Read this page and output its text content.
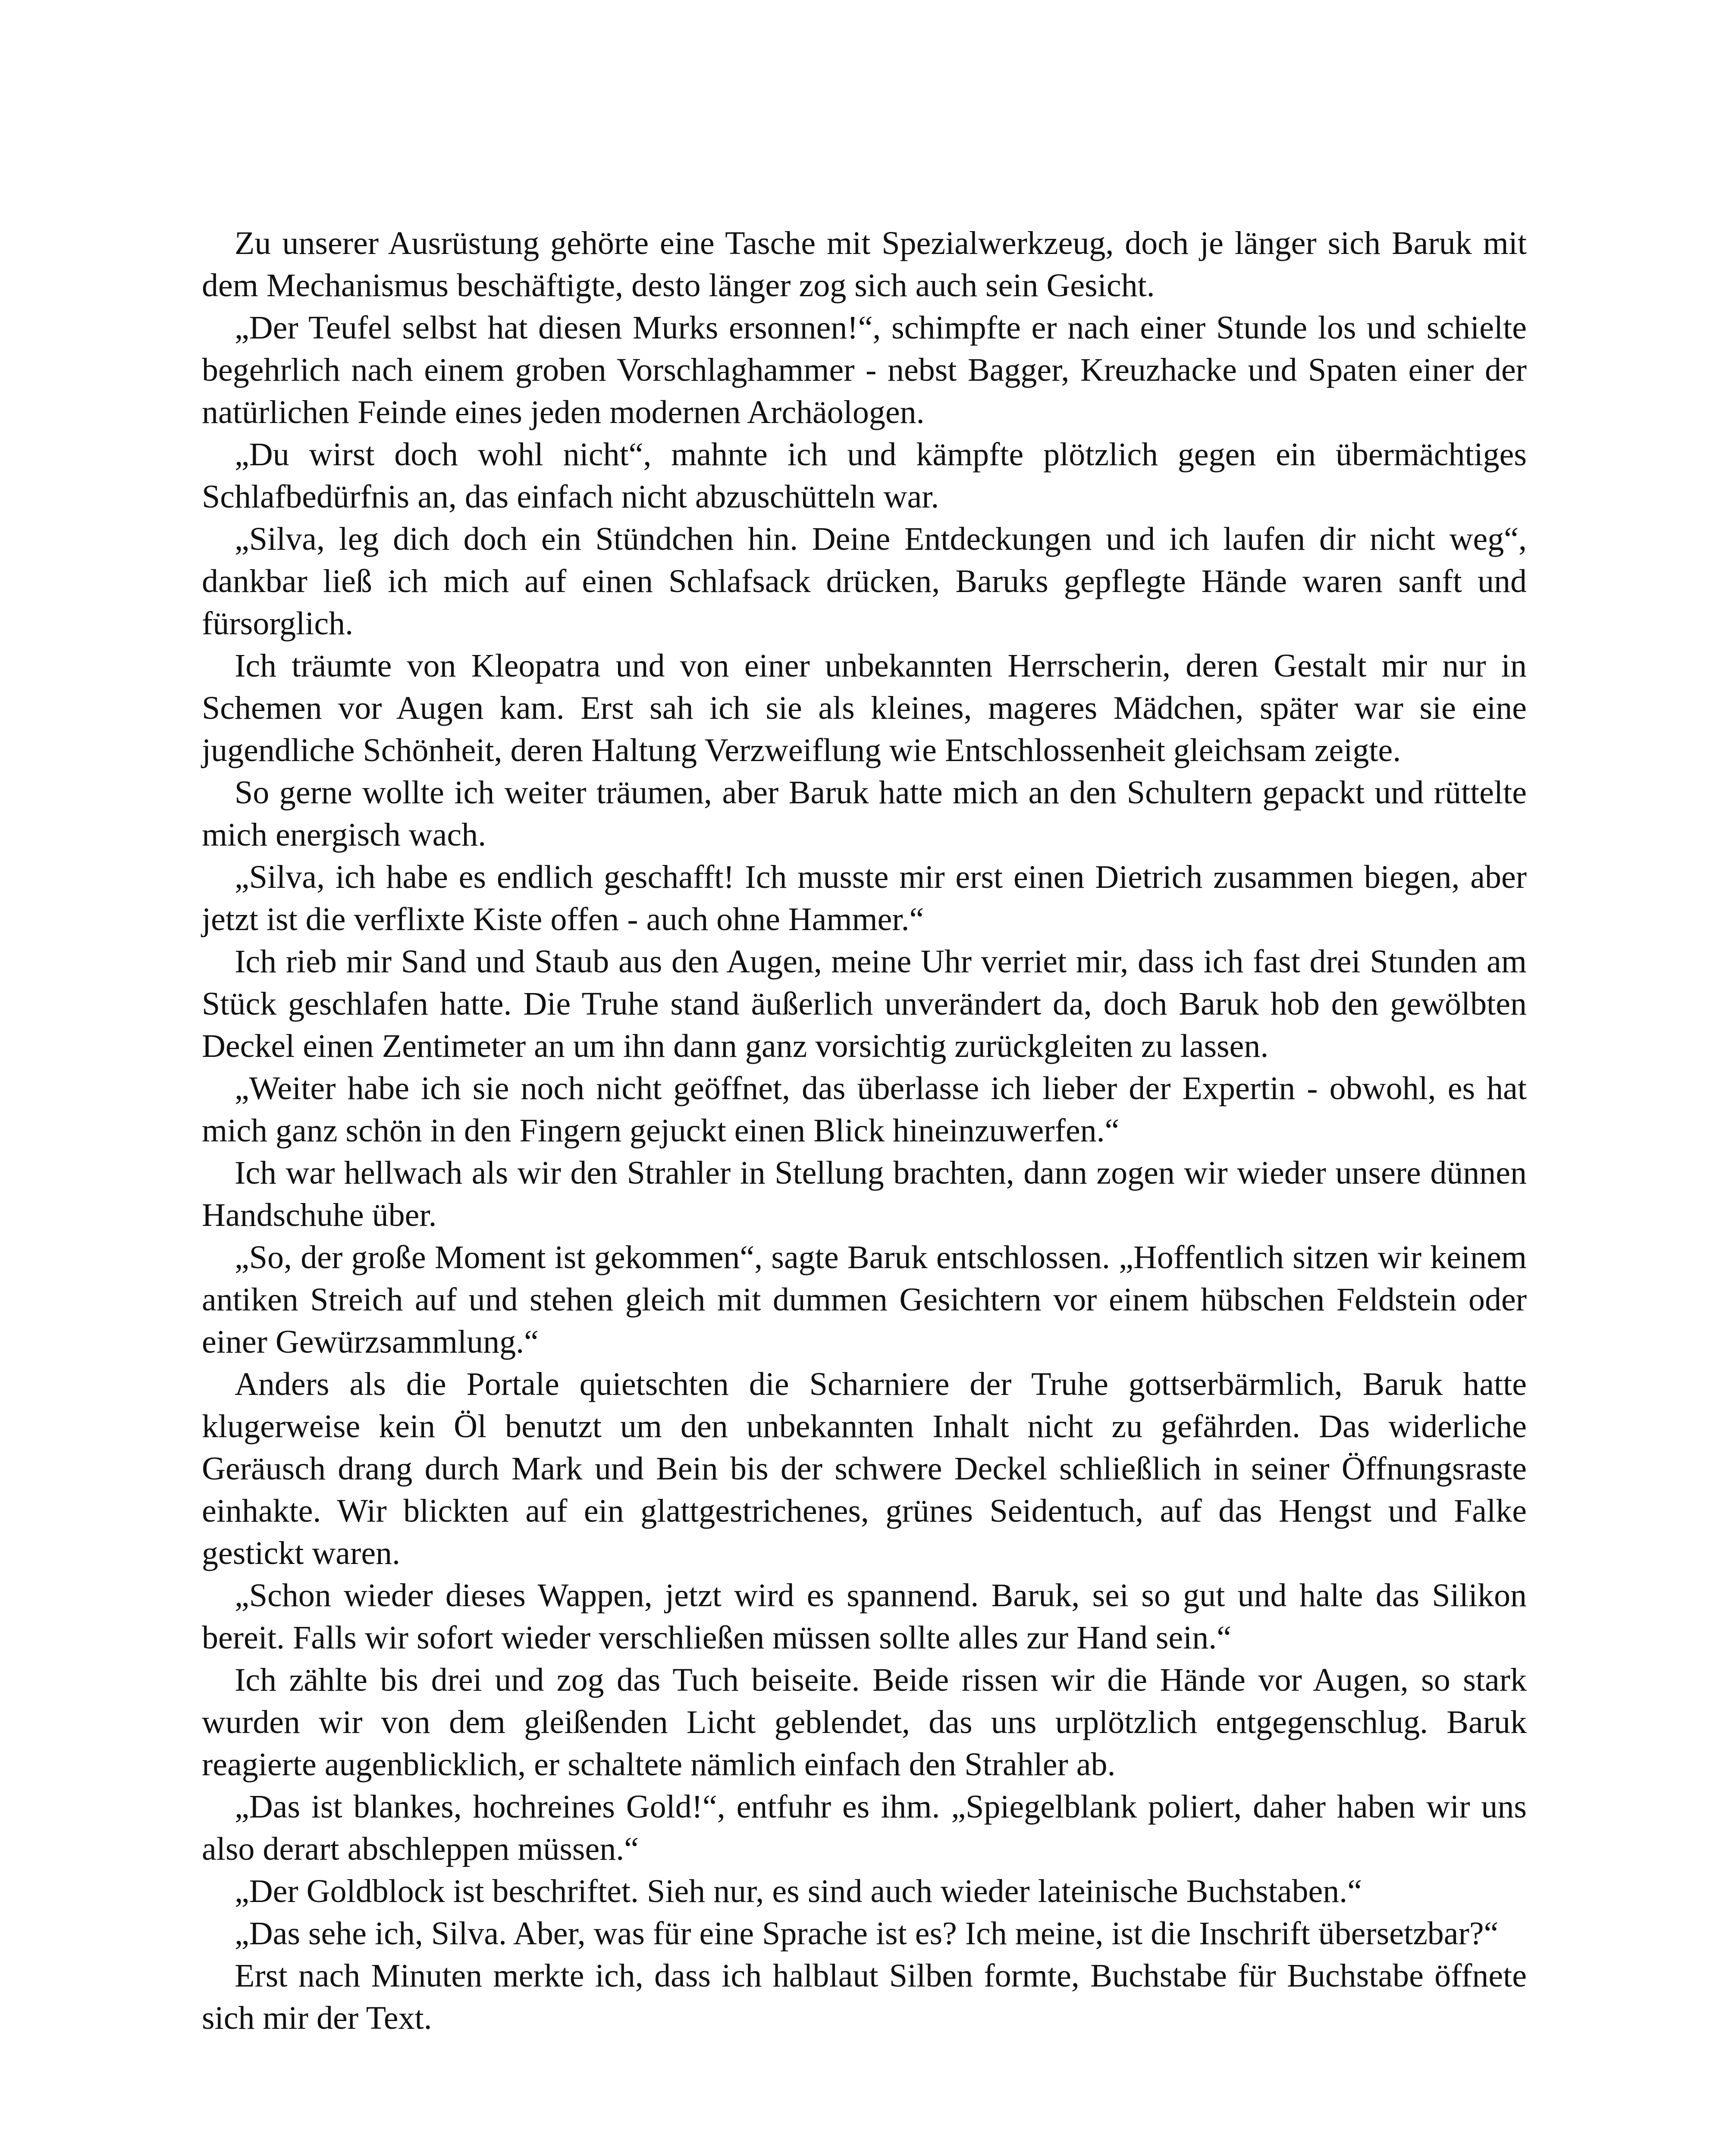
Zu unserer Ausrüstung gehörte eine Tasche mit Spezialwerkzeug, doch je länger sich Baruk mit dem Mechanismus beschäftigte, desto länger zog sich auch sein Gesicht.

„Der Teufel selbst hat diesen Murks ersonnen!“, schimpfte er nach einer Stunde los und schielte begehrlich nach einem groben Vorschlaghammer - nebst Bagger, Kreuzhacke und Spaten einer der natürlichen Feinde eines jeden modernen Archäologen.

„Du wirst doch wohl nicht“, mahnte ich und kämpfte plötzlich gegen ein übermächtiges Schlafbedürfnis an, das einfach nicht abzuschütteln war.

„Silva, leg dich doch ein Stündchen hin. Deine Entdeckungen und ich laufen dir nicht weg“, dankbar ließ ich mich auf einen Schlafsack drücken, Baruks gepflegte Hände waren sanft und fürsorglich.

Ich träumte von Kleopatra und von einer unbekannten Herrscherin, deren Gestalt mir nur in Schemen vor Augen kam. Erst sah ich sie als kleines, mageres Mädchen, später war sie eine jugendliche Schönheit, deren Haltung Verzweiflung wie Entschlossenheit gleichsam zeigte.

So gerne wollte ich weiter träumen, aber Baruk hatte mich an den Schultern gepackt und rüttelte mich energisch wach.

„Silva, ich habe es endlich geschafft! Ich musste mir erst einen Dietrich zusammen biegen, aber jetzt ist die verflixte Kiste offen - auch ohne Hammer.“

Ich rieb mir Sand und Staub aus den Augen, meine Uhr verriet mir, dass ich fast drei Stunden am Stück geschlafen hatte. Die Truhe stand äußerlich unverändert da, doch Baruk hob den gewölbten Deckel einen Zentimeter an um ihn dann ganz vorsichtig zurückgleiten zu lassen.

„Weiter habe ich sie noch nicht geöffnet, das überlasse ich lieber der Expertin - obwohl, es hat mich ganz schön in den Fingern gejuckt einen Blick hineinzuwerfen.“

Ich war hellwach als wir den Strahler in Stellung brachten, dann zogen wir wieder unsere dünnen Handschuhe über.

„So, der große Moment ist gekommen“, sagte Baruk entschlossen. „Hoffentlich sitzen wir keinem antiken Streich auf und stehen gleich mit dummen Gesichtern vor einem hübschen Feldstein oder einer Gewürzsammlung.“

Anders als die Portale quietschten die Scharniere der Truhe gottserbärmlich, Baruk hatte klugerweise kein Öl benutzt um den unbekannten Inhalt nicht zu gefährden. Das widerliche Geräusch drang durch Mark und Bein bis der schwere Deckel schließlich in seiner Öffnungsraste einhakte. Wir blickten auf ein glattgestrichenes, grünes Seidentuch, auf das Hengst und Falke gestickt waren.

„Schon wieder dieses Wappen, jetzt wird es spannend. Baruk, sei so gut und halte das Silikon bereit. Falls wir sofort wieder verschließen müssen sollte alles zur Hand sein.“

Ich zählte bis drei und zog das Tuch beiseite. Beide rissen wir die Hände vor Augen, so stark wurden wir von dem gleißenden Licht geblendet, das uns urplötzlich entgegenschlug. Baruk reagierte augenblicklich, er schaltete nämlich einfach den Strahler ab.

„Das ist blankes, hochreines Gold!“, entfuhr es ihm. „Spiegelblank poliert, daher haben wir uns also derart abschleppen müssen.“

„Der Goldblock ist beschriftet. Sieh nur, es sind auch wieder lateinische Buchstaben.“

„Das sehe ich, Silva. Aber, was für eine Sprache ist es? Ich meine, ist die Inschrift übersetzbar?“

Erst nach Minuten merkte ich, dass ich halblaut Silben formte, Buchstabe für Buchstabe öffnete sich mir der Text.
